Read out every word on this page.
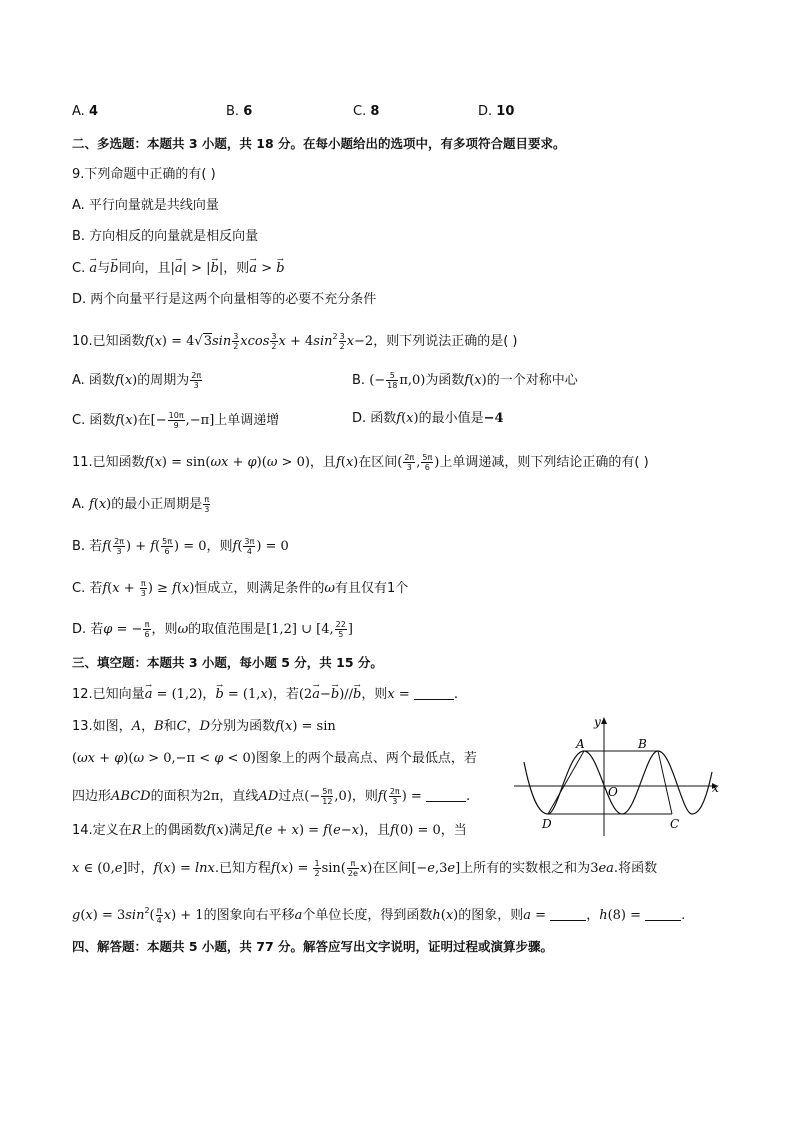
A. 4	B. 6	C. 8	D. 10
二、多选题：本题共 3 小题，共 18 分。在每小题给出的选项中，有多项符合题目要求。
9.下列命题中正确的有( )
A. 平行向量就是共线向量
B. 方向相反的向量就是相反向量
C. → a与→ b同向，且|→ a| > |→ b|，则→ a > → b
D. 两个向量平行是这两个向量相等的必要不充分条件
10.已知函数$f(x) = 4√3\sin \frac{3}{2}$ xcos $\frac{3}{2}$ $x + 4\sin^2 \frac{3}{2} x-2$，则下列说法正确的是( )
A. 函数f(x)的周期为 $\frac{2\pi}{3}$	B. (− $\frac{5}{18} \pi,0$)为函数f(x)的一个对称中心
C. 函数f(x)在[− $\frac{10\pi}{9} ,-\pi$]上单调递增	D. 函数f(x)的最小值是−4
11.已知函数f(x) = sin(ωx + φ)(ω > 0)，且f(x)在区间( $\frac{2\pi}{3}$ , $\frac{5\pi}{6}$ )上单调递减，则下列结论正确的有( )
A. f(x)的最小正周期是 $\frac{\pi}{3}$
B. 若$f( \frac{2\pi}{3}$ ) + $f( \frac{5\pi}{6}$ ) = 0，则$f( \frac{3\pi}{4}$ ) = 0
C. 若$f(x + \frac{\pi}{3}$ ) ≥ f(x)恒成立，则满足条件的ω有且仅有1个
D. 若φ = − $\frac{\pi}{6}$ ，则ω的取值范围是[1,2] ∪ [4, $\frac{22}{5}$ ]
三、填空题：本题共 3 小题，每小题 5 分，共 15 分。
12.已知向量→ a = (1,2)，→ b = (1,x)，若(2→ a−→ b)//→ b，则x =	.
13.如图，A，B和C，D分别为函数f(x) = sin
(ωx + φ)(ω > 0,−π < φ < 0)图象上的两个最高点、两个最低点，若
四边形ABCD的面积为2π，直线AD过点(− $\frac{5\pi}{12} ,0$)，则$f( \frac{2\pi}{3}$ ) =	.
y
x
O
A	B
C
D
14.定义在R上的偶函数f(x)满足f(e + x) = f(e−x)，且f(0) = 0，当
x ∈ (0,e]时，f(x) = lnx.已知方程$f(x) = \frac{1}{2} \sin( \frac{\pi}{2e} x)$在区间[−e,3e]上所有的实数根之和为3ea.将函数
$g(x) = 3\sin^2( \frac{\pi}{4} x) + 1$的图象向右平移a个单位长度，得到函数h(x)的图象，则a =	，h(8) =	.
四、解答题：本题共 5 小题，共 77 分。解答应写出文字说明，证明过程或演算步骤。
